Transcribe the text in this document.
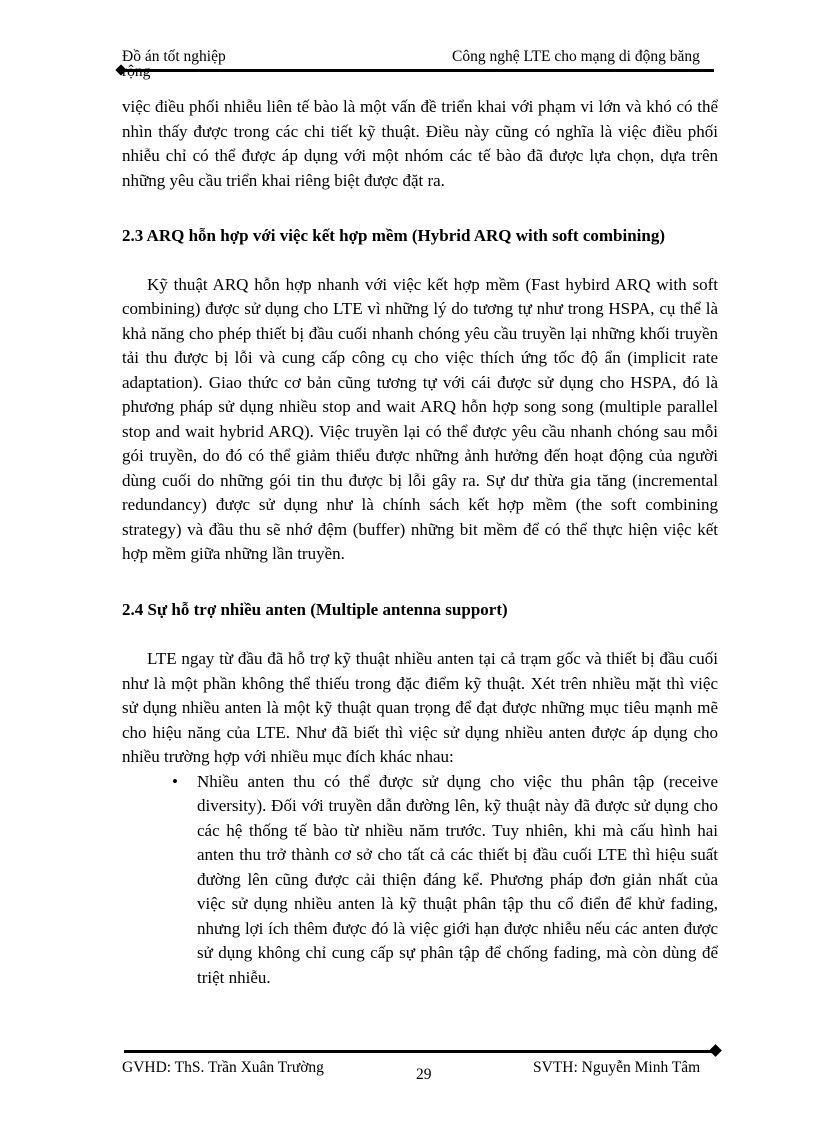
Đồ án tốt nghiệp	Công nghệ LTE cho mạng di động băng

việc điều phối nhiễu liên tế bào là một vấn đề triển khai với phạm vi lớn và khó có thể nhìn thấy được trong các chi tiết kỹ thuật. Điều này cũng có nghĩa là việc điều phối nhiễu chỉ có thể được áp dụng với một nhóm các tế bào đã được lựa chọn, dựa trên những yêu cầu triển khai riêng biệt được đặt ra.

2.3 ARQ hỗn hợp với việc kết hợp mềm (Hybrid ARQ with soft combining)

Kỹ thuật ARQ hỗn hợp nhanh với việc kết hợp mềm (Fast hybird ARQ with soft combining) được sử dụng cho LTE vì những lý do tương tự như trong HSPA, cụ thể là khả năng cho phép thiết bị đầu cuối nhanh chóng yêu cầu truyền lại những khối truyền tải thu được bị lỗi và cung cấp công cụ cho việc thích ứng tốc độ ẩn (implicit rate adaptation). Giao thức cơ bản cũng tương tự với cái được sử dụng cho HSPA, đó là phương pháp sử dụng nhiều stop and wait ARQ hỗn hợp song song (multiple parallel stop and wait hybrid ARQ). Việc truyền lại có thể được yêu cầu nhanh chóng sau mỗi gói truyền, do đó có thể giảm thiểu được những ảnh hưởng đến hoạt động của người dùng cuối do những gói tin thu được bị lỗi gây ra. Sự dư thừa gia tăng (incremental redundancy) được sử dụng như là chính sách kết hợp mềm (the soft combining strategy) và đầu thu sẽ nhớ đệm (buffer) những bit mềm để có thể thực hiện việc kết hợp mềm giữa những lần truyền.

2.4 Sự hỗ trợ nhiều anten (Multiple antenna support)

LTE ngay từ đầu đã hỗ trợ kỹ thuật nhiều anten tại cả trạm gốc và thiết bị đầu cuối như là một phần không thể thiếu trong đặc điểm kỹ thuật. Xét trên nhiều mặt thì việc sử dụng nhiều anten là một kỹ thuật quan trọng để đạt được những mục tiêu mạnh mẽ cho hiệu năng của LTE. Như đã biết thì việc sử dụng nhiều anten được áp dụng cho nhiều trường hợp với nhiều mục đích khác nhau:

• Nhiều anten thu có thể được sử dụng cho việc thu phân tập (receive diversity). Đối với truyền dẫn đường lên, kỹ thuật này đã được sử dụng cho các hệ thống tế bào từ nhiều năm trước. Tuy nhiên, khi mà cấu hình hai anten thu trở thành cơ sở cho tất cả các thiết bị đầu cuối LTE thì hiệu suất đường lên cũng được cải thiện đáng kể. Phương pháp đơn giản nhất của việc sử dụng nhiều anten là kỹ thuật phân tập thu cổ điển để khử fading, nhưng lợi ích thêm được đó là việc giới hạn được nhiễu nếu các anten được sử dụng không chỉ cung cấp sự phân tập để chống fading, mà còn dùng để triệt nhiễu.
GVHD: ThS. Trần Xuân Trường	29	SVTH: Nguyễn Minh Tâm
